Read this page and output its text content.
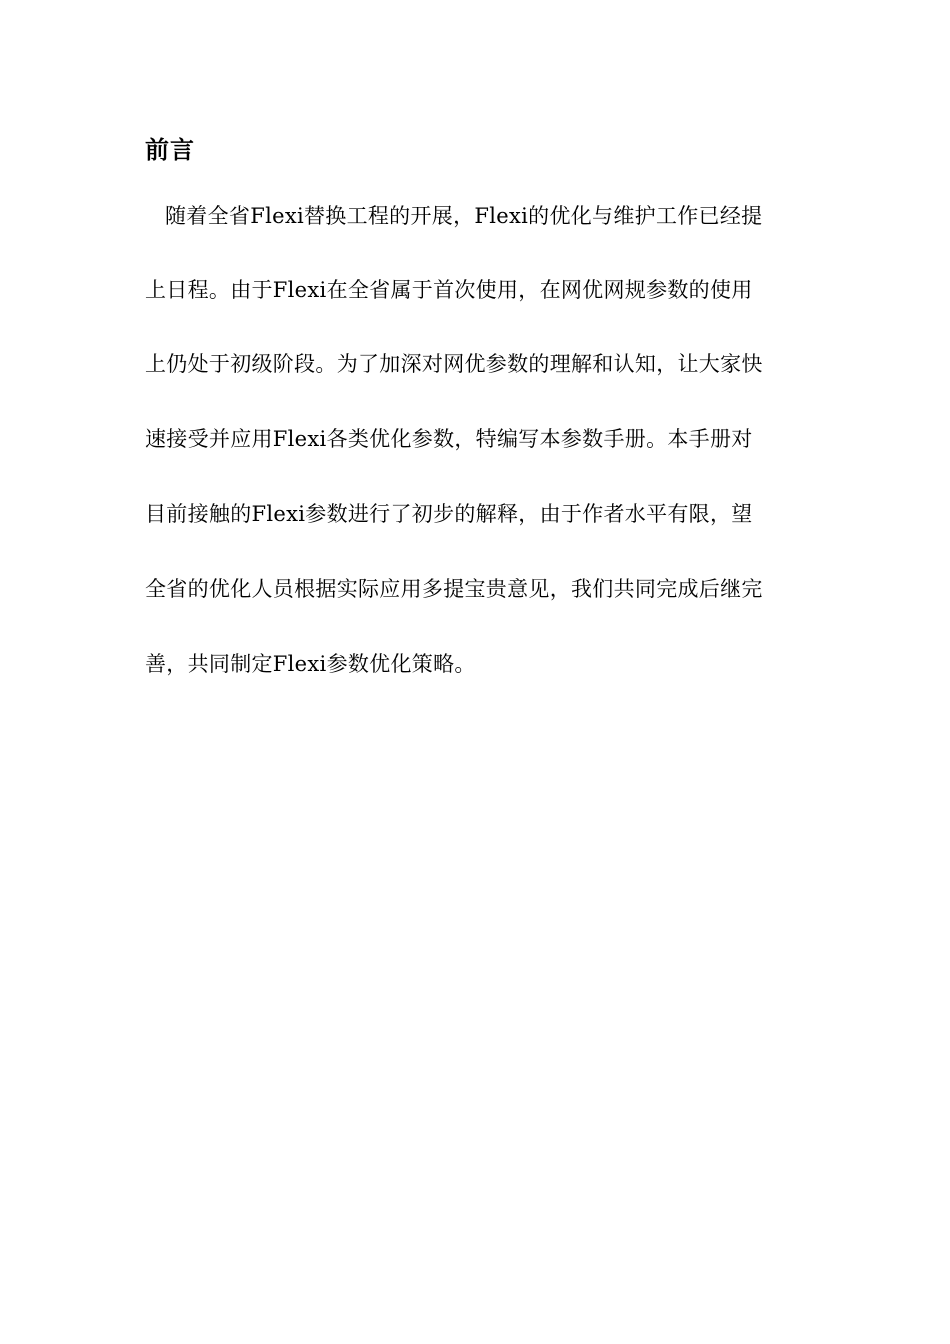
前言
随着全省Flexi替换工程的开展，Flexi的优化与维护工作已经提
上日程。由于Flexi在全省属于首次使用，在网优网规参数的使用
上仍处于初级阶段。为了加深对网优参数的理解和认知，让大家快
速接受并应用Flexi各类优化参数，特编写本参数手册。本手册对
目前接触的Flexi参数进行了初步的解释，由于作者水平有限，望
全省的优化人员根据实际应用多提宝贵意见，我们共同完成后继完
善，共同制定Flexi参数优化策略。
